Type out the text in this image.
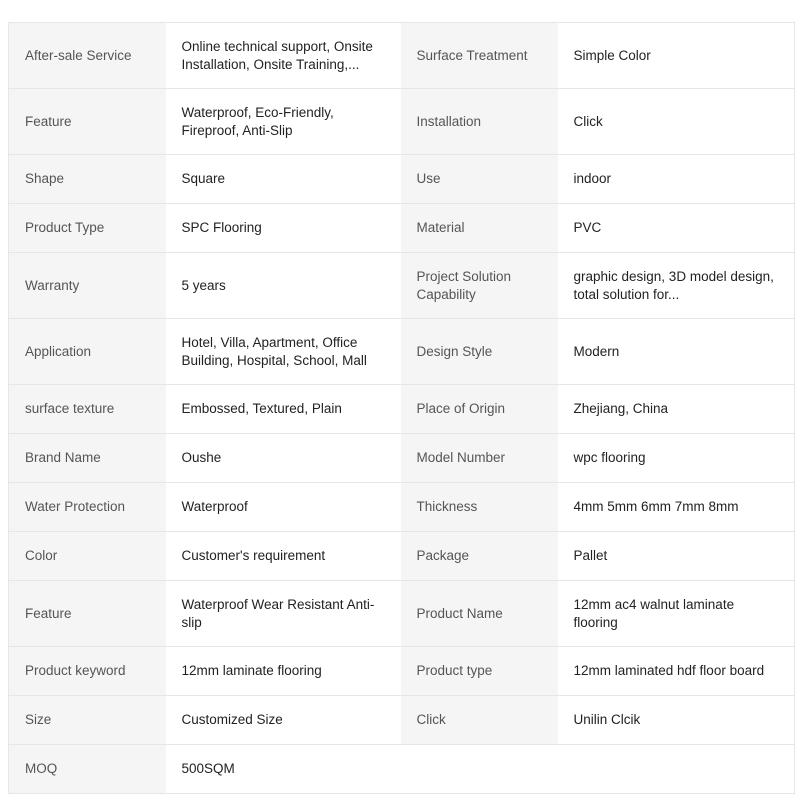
After-sale Service	Online technical support, Onsite Installation, Onsite Training,...	Surface Treatment	Simple Color
Feature	Waterproof, Eco-Friendly, Fireproof, Anti-Slip	Installation	Click
Shape	Square	Use	indoor
Product Type	SPC Flooring	Material	PVC
Warranty	5 years	Project Solution Capability	graphic design, 3D model design, total solution for...
Application	Hotel, Villa, Apartment, Office Building, Hospital, School, Mall	Design Style	Modern
surface texture	Embossed, Textured, Plain	Place of Origin	Zhejiang, China
Brand Name	Oushe	Model Number	wpc flooring
Water Protection	Waterproof	Thickness	4mm 5mm 6mm 7mm 8mm
Color	Customer's requirement	Package	Pallet
Feature	Waterproof Wear Resistant Anti-slip	Product Name	12mm ac4 walnut laminate flooring
Product keyword	12mm laminate flooring	Product type	12mm laminated hdf floor board
Size	Customized Size	Click	Unilin Clcik
MOQ	500SQM		
